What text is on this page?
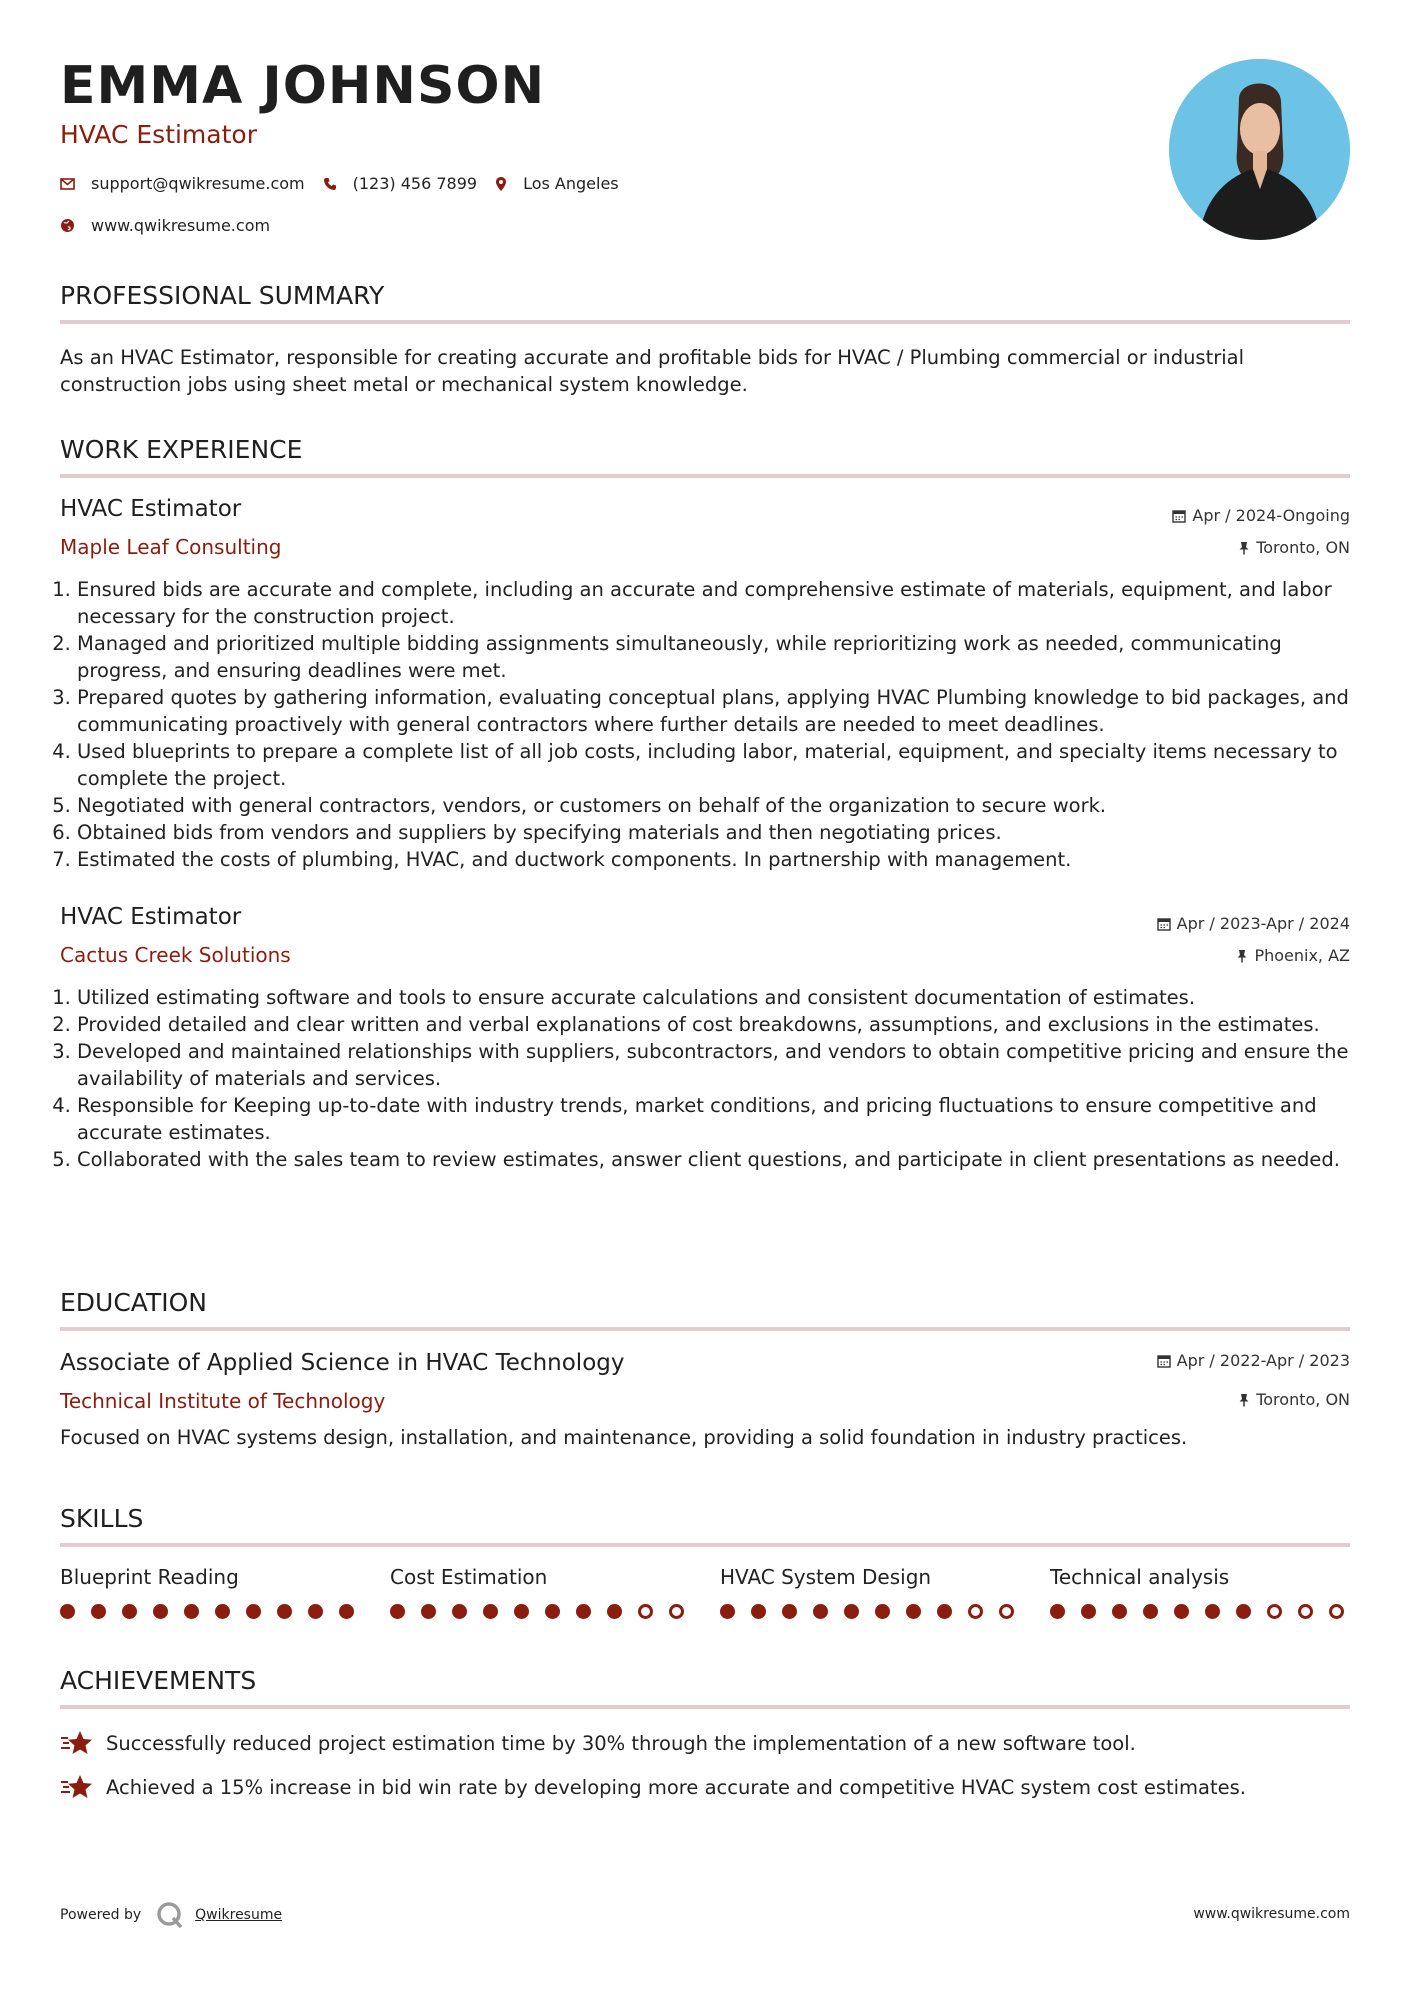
EMMA JOHNSON
HVAC Estimator
support@qwikresume.com	(123) 456 7899	Los Angeles
www.qwikresume.com
PROFESSIONAL SUMMARY
As an HVAC Estimator, responsible for creating accurate and profitable bids for HVAC / Plumbing commercial or industrial construction jobs using sheet metal or mechanical system knowledge.
WORK EXPERIENCE
HVAC Estimator	Apr / 2024-Ongoing
Maple Leaf Consulting	Toronto, ON
1. Ensured bids are accurate and complete, including an accurate and comprehensive estimate of materials, equipment, and labor necessary for the construction project.
2. Managed and prioritized multiple bidding assignments simultaneously, while reprioritizing work as needed, communicating progress, and ensuring deadlines were met.
3. Prepared quotes by gathering information, evaluating conceptual plans, applying HVAC Plumbing knowledge to bid packages, and communicating proactively with general contractors where further details are needed to meet deadlines.
4. Used blueprints to prepare a complete list of all job costs, including labor, material, equipment, and specialty items necessary to complete the project.
5. Negotiated with general contractors, vendors, or customers on behalf of the organization to secure work.
6. Obtained bids from vendors and suppliers by specifying materials and then negotiating prices.
7. Estimated the costs of plumbing, HVAC, and ductwork components. In partnership with management.
HVAC Estimator	Apr / 2023-Apr / 2024
Cactus Creek Solutions	Phoenix, AZ
1. Utilized estimating software and tools to ensure accurate calculations and consistent documentation of estimates.
2. Provided detailed and clear written and verbal explanations of cost breakdowns, assumptions, and exclusions in the estimates.
3. Developed and maintained relationships with suppliers, subcontractors, and vendors to obtain competitive pricing and ensure the availability of materials and services.
4. Responsible for Keeping up-to-date with industry trends, market conditions, and pricing fluctuations to ensure competitive and accurate estimates.
5. Collaborated with the sales team to review estimates, answer client questions, and participate in client presentations as needed.
EDUCATION
Associate of Applied Science in HVAC Technology	Apr / 2022-Apr / 2023
Technical Institute of Technology	Toronto, ON
Focused on HVAC systems design, installation, and maintenance, providing a solid foundation in industry practices.
SKILLS
Blueprint Reading	Cost Estimation	HVAC System Design	Technical analysis
ACHIEVEMENTS
Successfully reduced project estimation time by 30% through the implementation of a new software tool.
Achieved a 15% increase in bid win rate by developing more accurate and competitive HVAC system cost estimates.
Powered by	Qwikresume	www.qwikresume.com
